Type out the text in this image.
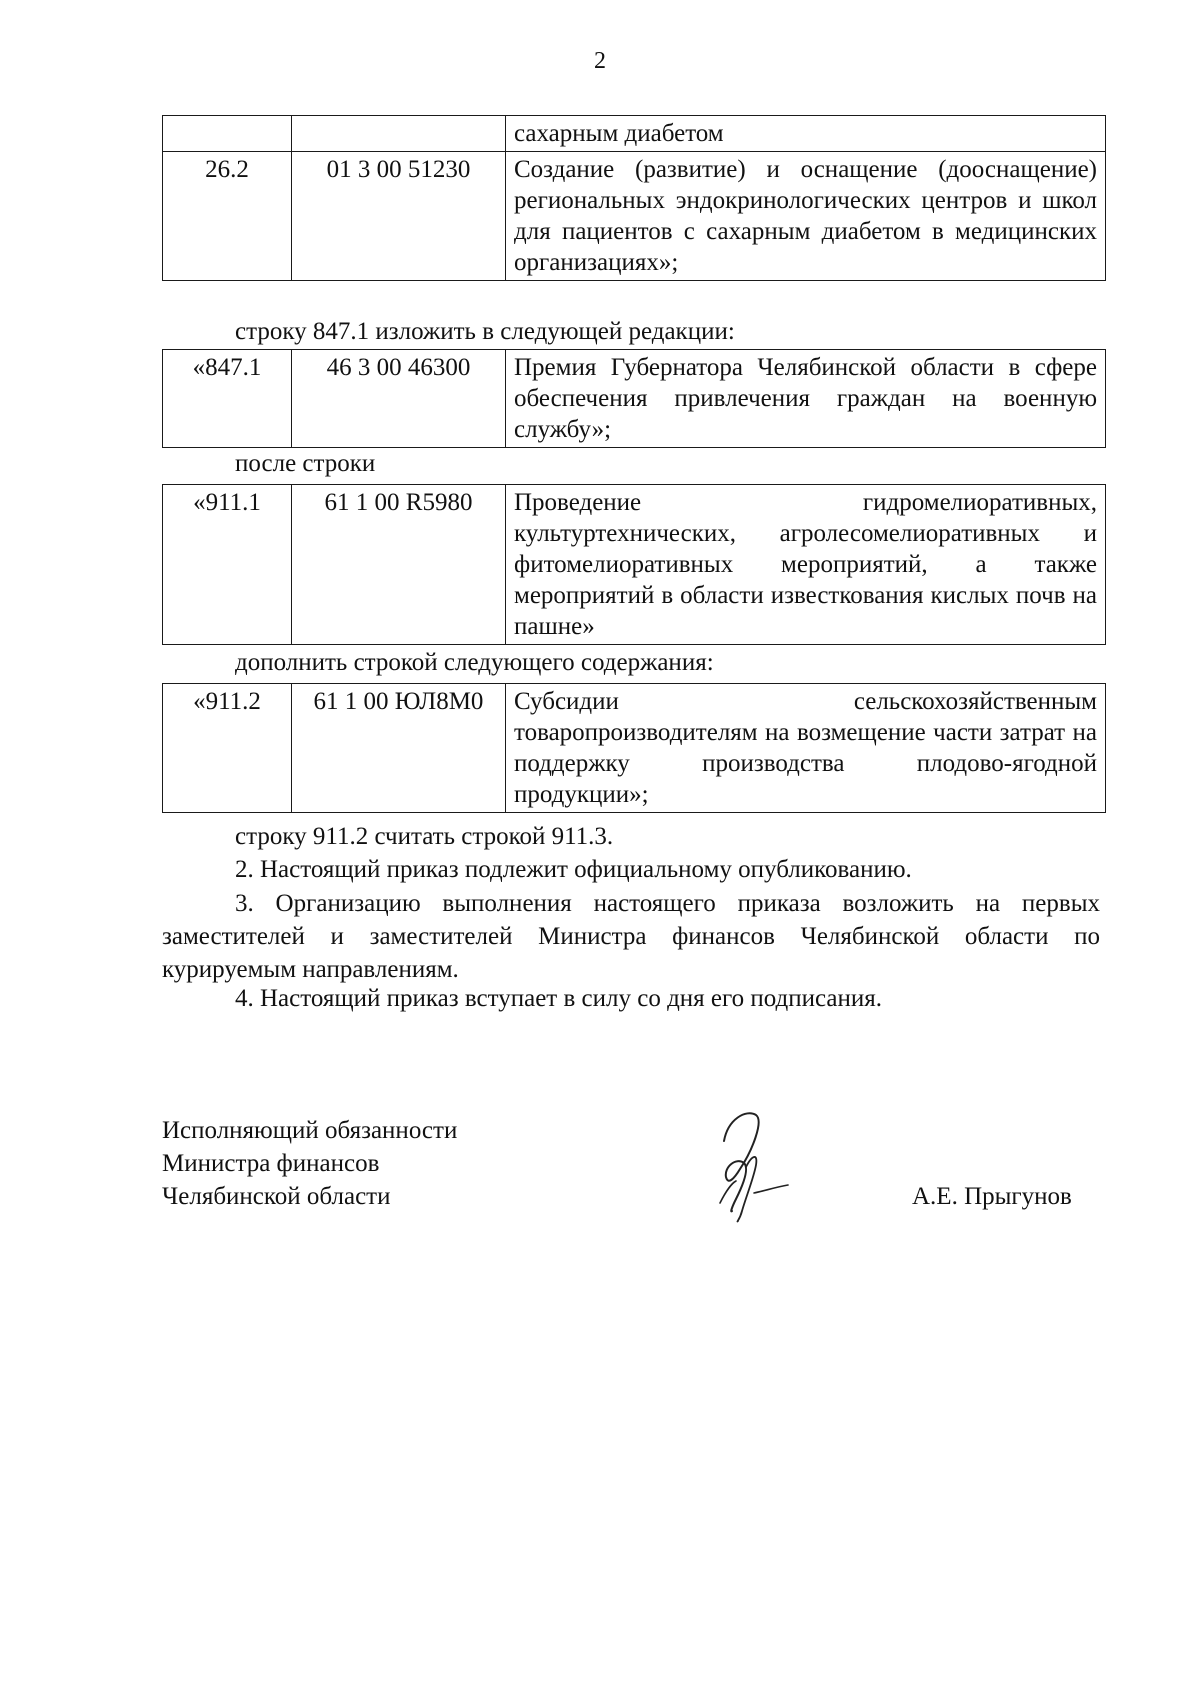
2

		сахарным диабетом

26.2	01 3 00 51230	Создание (развитие) и оснащение (дооснащение) региональных эндокринологических центров и школ для пациентов с сахарным диабетом в медицинских организациях»;
строку 847.1 изложить в следующей редакции:
«847.1	46 3 00 46300	Премия Губернатора Челябинской области в сфере обеспечения привлечения граждан на военную службу»;
после строки
«911.1	61 1 00 R5980	Проведение гидромелиоративных, культуртехнических, агролесомелиоративных и фитомелиоративных мероприятий, а также мероприятий в области известкования кислых почв на пашне»
дополнить строкой следующего содержания:
«911.2	61 1 00 ЮЛ8М0	Субсидии сельскохозяйственным товаропроизводителям на возмещение части затрат на поддержку производства плодово-ягодной продукции»;
строку 911.2 считать строкой 911.3.
2. Настоящий приказ подлежит официальному опубликованию.
3. Организацию выполнения настоящего приказа возложить на первых заместителей и заместителей Министра финансов Челябинской области по курируемым направлениям.
4. Настоящий приказ вступает в силу со дня его подписания.
Исполняющий обязанности
Министра финансов
Челябинской области	А.Е. Прыгунов
